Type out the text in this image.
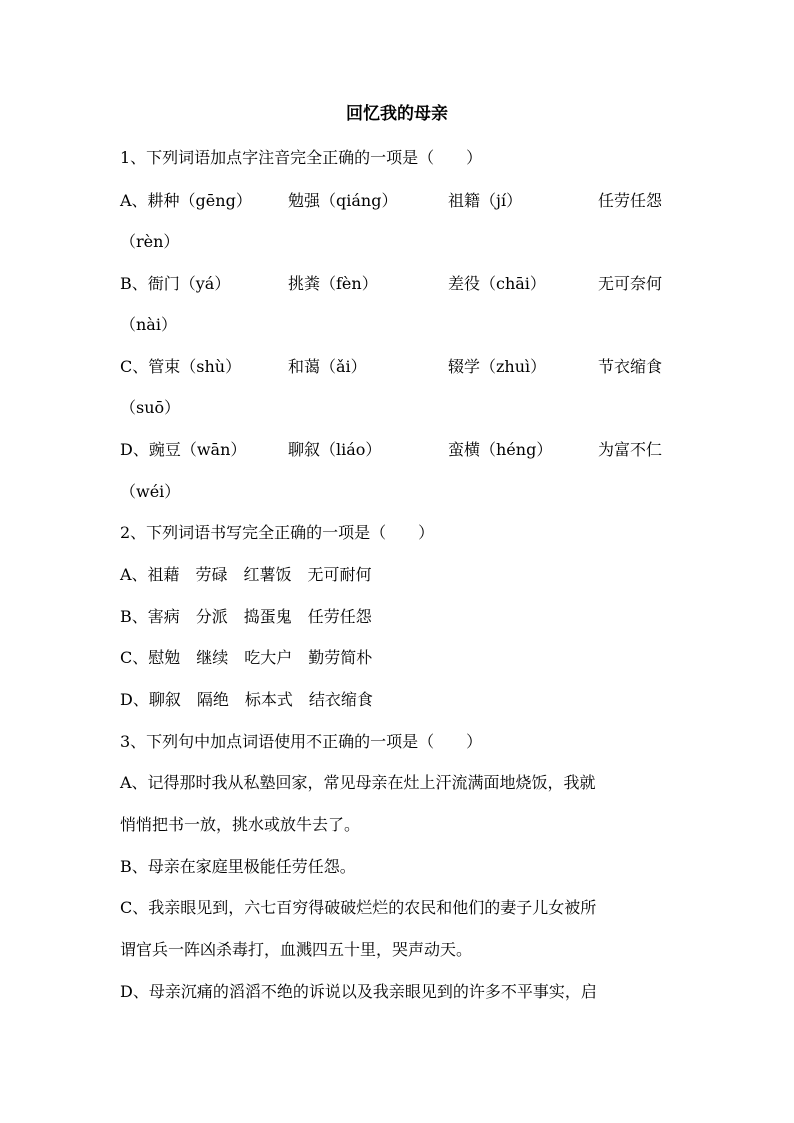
回忆我的母亲
1、下列词语加点字注音完全正确的一项是（　　）
A、耕种（gēng） 勉强（qiáng）	祖籍（jí）	任劳任怨
（rèn）
B、衙门（yá）	挑粪（fèn）	差役（chāi）	无可奈何
（nài）
C、管束（shù）	和蔼（ǎi）	辍学（zhuì）	节衣缩食
（suō）
D、豌豆（wān）	聊叙（liáo）	蛮横（héng）	为富不仁
（wéi）
2、下列词语书写完全正确的一项是（　　）
A、祖藉　劳碌　红薯饭　无可耐何
B、害病　分派　捣蛋鬼　任劳任怨
C、慰勉　继续　吃大户　勤劳简朴
D、聊叙　隔绝　标本式　结衣缩食
3、下列句中加点词语使用不正确的一项是（　　）
A、记得那时我从私塾回家，常见母亲在灶上汗流满面地烧饭，我就
悄悄把书一放，挑水或放牛去了。
B、母亲在家庭里极能任劳任怨。
C、我亲眼见到，六七百穷得破破烂烂的农民和他们的妻子儿女被所
谓官兵一阵凶杀毒打，血溅四五十里，哭声动天。
D、母亲沉痛的滔滔不绝的诉说以及我亲眼见到的许多不平事实，启
